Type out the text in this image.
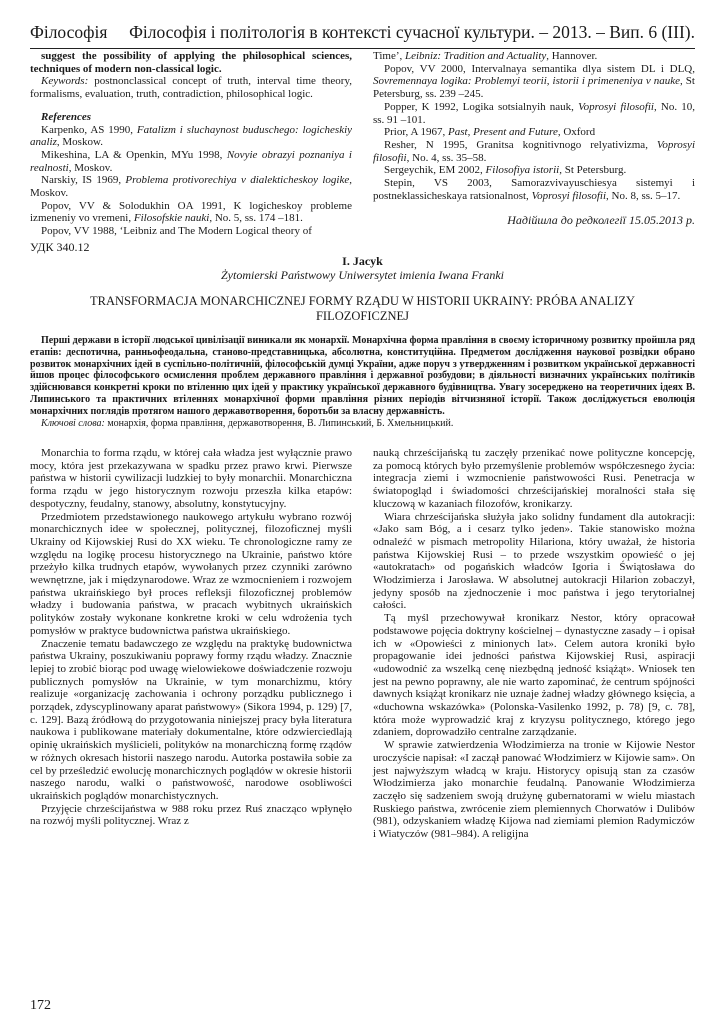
Філософія Філософія і політологія в контексті сучасної культури. – 2013. – Вип. 6 (ІІІ).

suggest the possibility of applying the philosophical sciences, techniques of modern non-classical logic.

Keywords: postnonclassical concept of truth, interval time theory, formalisms, evaluation, truth, contradiction, philosophical logic.

References

Karpenko, AS 1990, Fatalizm i sluchaynost buduschego: logicheskiy analiz, Moskow.

Mikeshina, LA & Openkin, MYu 1998, Novyie obrazyi poznaniya i realnosti, Moskov.

Narskiy, IS 1969, Problema protivorechiya v dialekticheskoy logike, Moskov.

Popov, VV & Solodukhin OA 1991, K logicheskoy probleme izmeneniy vo vremeni, Filosofskie nauki, No. 5, ss. 174 –181.

Popov, VV 1988, ‘Leibniz and The Modern Logical theory of

Time’, Leibniz: Tradition and Actuality, Hannover.

Popov, VV 2000, Intervalnaya semantika dlya sistem DL i DLQ, Sovremennaya logika: Problemyi teorii, istorii i primeneniya v nauke, St Petersburg, ss. 239 –245.

Popper, K 1992, Logika sotsialnyih nauk, Voprosyi filosofii, No. 10, ss. 91 –101.

Prior, A 1967, Past, Present and Future, Oxford

Resher, N 1995, Granitsa kognitivnogo relyativizma, Voprosyi filosofii, No. 4, ss. 35–58.

Sergeychik, EM 2002, Filosofiya istorii, St Petersburg.

Stepin, VS 2003, Samorazvivayuschiesya sistemyi i postneklassicheskaya ratsionalnost, Voprosyi filosofii, No. 8, ss. 5–17.

Надійшла до редколегії 15.05.2013 р.

УДК 340.12
I. Jacyk
Żytomierski Państwowy Uniwersytet imienia Iwana Franki
TRANSFORMACJA MONARCHICZNEJ FORMY RZĄDU W HISTORII UKRAINY: PRÓBA ANALIZY FILOZOFICZNEJ

Перші держави в історії людської цивілізації виникали як монархії. Монархічна форма правління в своєму історичному розвитку пройшла ряд етапів: деспотична, ранньофеодальна, станово-представницька, абсолютна, конституційна. Предметом дослідження наукової розвідки обрано розвиток монархічних ідей в суспільно-політичній, філософській думці України, адже поруч з утвердженням і розвитком української державності йшов процес філософського осмислення проблем державного правління і державної розбудови; в діяльності визначних українських політиків здійснювався конкретні кроки по втіленню цих ідей у практику української державного будівництва. Увагу зосереджено на теоретичних ідеях В. Липинського та практичних втіленнях монархічної форми правління різних періодів вітчизняної історії. Також досліджується еволюція монархічних поглядів протягом нашого державотворення, боротьби за власну державність.

Ключові слова: монархія, форма правління, державотворення, В. Липинський, Б. Хмельницький.

Monarchia to forma rządu, w której cała władza jest wyłącznie prawo mocy, która jest przekazywana w spadku przez prawo krwi. Pierwsze państwa w historii cywilizacji ludzkiej to były monarchii. Monarchiczna forma rządu w jego historycznym rozwoju przeszła kilka etapów: despotyczny, feudalny, stanowy, absolutny, konstytucyjny.

Przedmiotem przedstawionego naukowego artykułu wybrano rozwój monarchicznych idee w społecznej, politycznej, filozoficznej myśli Ukrainy od Kijowskiej Rusi do XX wieku. Te chronologiczne ramy ze względu na logikę procesu historycznego na Ukrainie, państwo które przeżyło kilka trudnych etapów, wywołanych przez czynniki zarówno wewnętrzne, jak i międzynarodowe. Wraz ze wzmocnieniem i rozwojem państwa ukraińskiego był proces refleksji filozoficznej problemów władzy i budowania państwa, w pracach wybitnych ukraińskich polityków zostały wykonane konkretne kroki w celu wdrożenia tych pomysłów w praktyce budownictwa państwa ukraińskiego.

Znaczenie tematu badawczego ze względu na praktykę budownictwa państwa Ukrainy, poszukiwaniu poprawy formy rządu władzy. Znacznie lepiej to zrobić biorąc pod uwagę wielowiekowe doświadczenie rozwoju publicznych pomysłów na Ukrainie, w tym monarchizmu, który realizuje «organizację zachowania i ochrony porządku publicznego i porządek, zdyscyplinowany aparat państwowy» (Sikora 1994, p. 129) [7, c. 129]. Bazą źródłową do przygotowania niniejszej pracy była literatura naukowa i publikowane materiały dokumentalne, które odzwierciedlają opinię ukraińskich myślicieli, polityków na monarchiczną formę rządów w różnych okresach historii naszego narodu. Autorka postawiła sobie za cel by prześledzić ewolucję monarchicznych poglądów w okresie historii naszego narodu, walki o państwowość, narodowe osobliwości ukraińskich poglądów monarchistycznych.

Przyjęcie chrześcijaństwa w 988 roku przez Ruś znacząco wpłynęło na rozwój myśli politycznej. Wraz z

nauką chrześcijańską tu zaczęły przenikać nowe polityczne koncepcję, za pomocą których było przemyślenie problemów współczesnego życia: integracja ziemi i wzmocnienie państwowości Rusi. Penetracja w światopogląd i świadomości chrześcijańskiej moralności stała się kluczową w kazaniach filozofów, kronikarzy.

Wiara chrześcijańska służyła jako solidny fundament dla autokracji: «Jako sam Bóg, a i cesarz tylko jeden». Takie stanowisko można odnaleźć w pismach metropolity Hilariona, który uważał, że historia państwa Kijowskiej Rusi – to przede wszystkim opowieść o jej «autokratach» od pogańskich władców Igoria i Świątosława do Włodzimierza i Jarosława. W absolutnej autokracji Hilarion zobaczył, jedyny sposób na zjednoczenie i moc państwa i jego terytorialnej całości.

Tą myśl przechowywał kronikarz Nestor, który opracował podstawowe pojęcia doktryny kościelnej – dynastyczne zasady – i opisał ich w «Opowieści z minionych lat». Celem autora kroniki było propagowanie idei jedności państwa Kijowskiej Rusi, aspiracji «udowodnić za wszelką cenę niezbędną jedność książąt». Wniosek ten jest na pewno poprawny, ale nie warto zapominać, że centrum spójności dawnych książąt kronikarz nie uznaje żadnej władzy głównego księcia, a «duchowna wskazówka» (Polonska-Vasilenko 1992, p. 78) [9, c. 78], która może wyprowadzić kraj z kryzysu politycznego, którego jego zdaniem, doprowadziło centralne zarządzanie.

W sprawie zatwierdzenia Włodzimierza na tronie w Kijowie Nestor uroczyście napisał: «I zaczął panować Włodzimierz w Kijowie sam». On jest najwyższym władcą w kraju. Historycy opisują stan za czasów Włodzimierza jako monarchie feudalną. Panowanie Włodzimierza zaczęło się sadzeniem swoją drużynę gubernatorami w wielu miastach Ruskiego państwa, zwrócenie ziem plemiennych Chorwatów i Dulibów (981), odzyskaniem władzę Kijowa nad ziemiami plemion Radymiczów i Wiatyczów (981–984). A religijna

172
